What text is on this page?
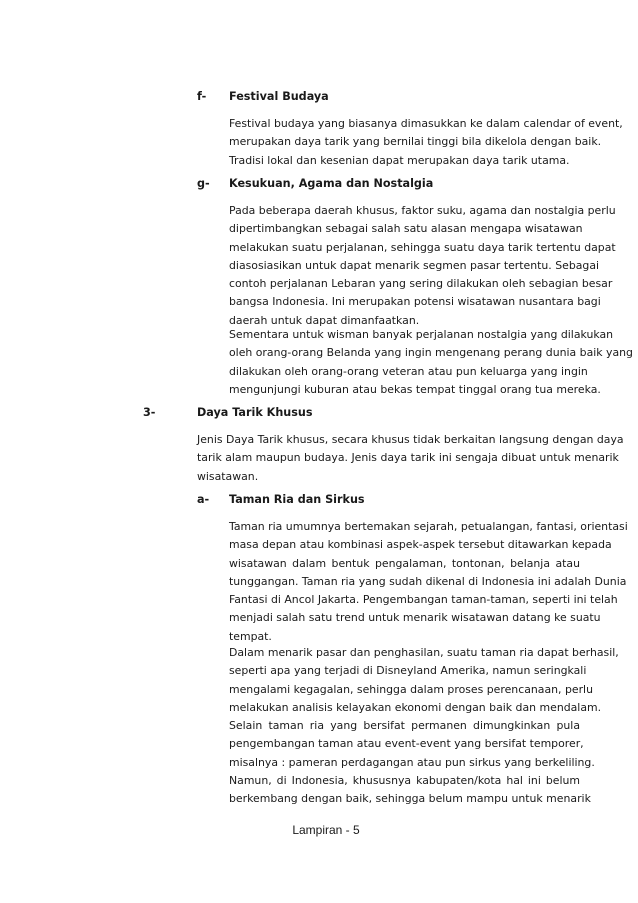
f- Festival Budaya
Festival budaya yang biasanya dimasukkan ke dalam calendar of event,
merupakan daya tarik yang bernilai tinggi bila dikelola dengan baik.
Tradisi lokal dan kesenian dapat merupakan daya tarik utama.
g- Kesukuan, Agama dan Nostalgia
Pada beberapa daerah khusus, faktor suku, agama dan nostalgia perlu
dipertimbangkan sebagai salah satu alasan mengapa wisatawan
melakukan suatu perjalanan, sehingga suatu daya tarik tertentu dapat
diasosiasikan untuk dapat menarik segmen pasar tertentu. Sebagai
contoh perjalanan Lebaran yang sering dilakukan oleh sebagian besar
bangsa Indonesia. Ini merupakan potensi wisatawan nusantara bagi
daerah untuk dapat dimanfaatkan.
Sementara untuk wisman banyak perjalanan nostalgia yang dilakukan
oleh orang-orang Belanda yang ingin mengenang perang dunia baik yang
dilakukan oleh orang-orang veteran atau pun keluarga yang ingin
mengunjungi kuburan atau bekas tempat tinggal orang tua mereka.
3-	Daya Tarik Khusus
Jenis Daya Tarik khusus, secara khusus tidak berkaitan langsung dengan daya
tarik alam maupun budaya. Jenis daya tarik ini sengaja dibuat untuk menarik
wisatawan.
a- Taman Ria dan Sirkus
Taman ria umumnya bertemakan sejarah, petualangan, fantasi, orientasi
masa depan atau kombinasi aspek-aspek tersebut ditawarkan kepada
wisatawan dalam bentuk pengalaman, tontonan, belanja atau
tunggangan. Taman ria yang sudah dikenal di Indonesia ini adalah Dunia
Fantasi di Ancol Jakarta. Pengembangan taman-taman, seperti ini telah
menjadi salah satu trend untuk menarik wisatawan datang ke suatu
tempat.
Dalam menarik pasar dan penghasilan, suatu taman ria dapat berhasil,
seperti apa yang terjadi di Disneyland Amerika, namun seringkali
mengalami kegagalan, sehingga dalam proses perencanaan, perlu
melakukan analisis kelayakan ekonomi dengan baik dan mendalam.
Selain taman ria yang bersifat permanen dimungkinkan pula
pengembangan taman atau event-event yang bersifat temporer,
misalnya : pameran perdagangan atau pun sirkus yang berkeliling.
Namun, di Indonesia, khususnya kabupaten/kota hal ini belum
berkembang dengan baik, sehingga belum mampu untuk menarik
Lampiran - 5
